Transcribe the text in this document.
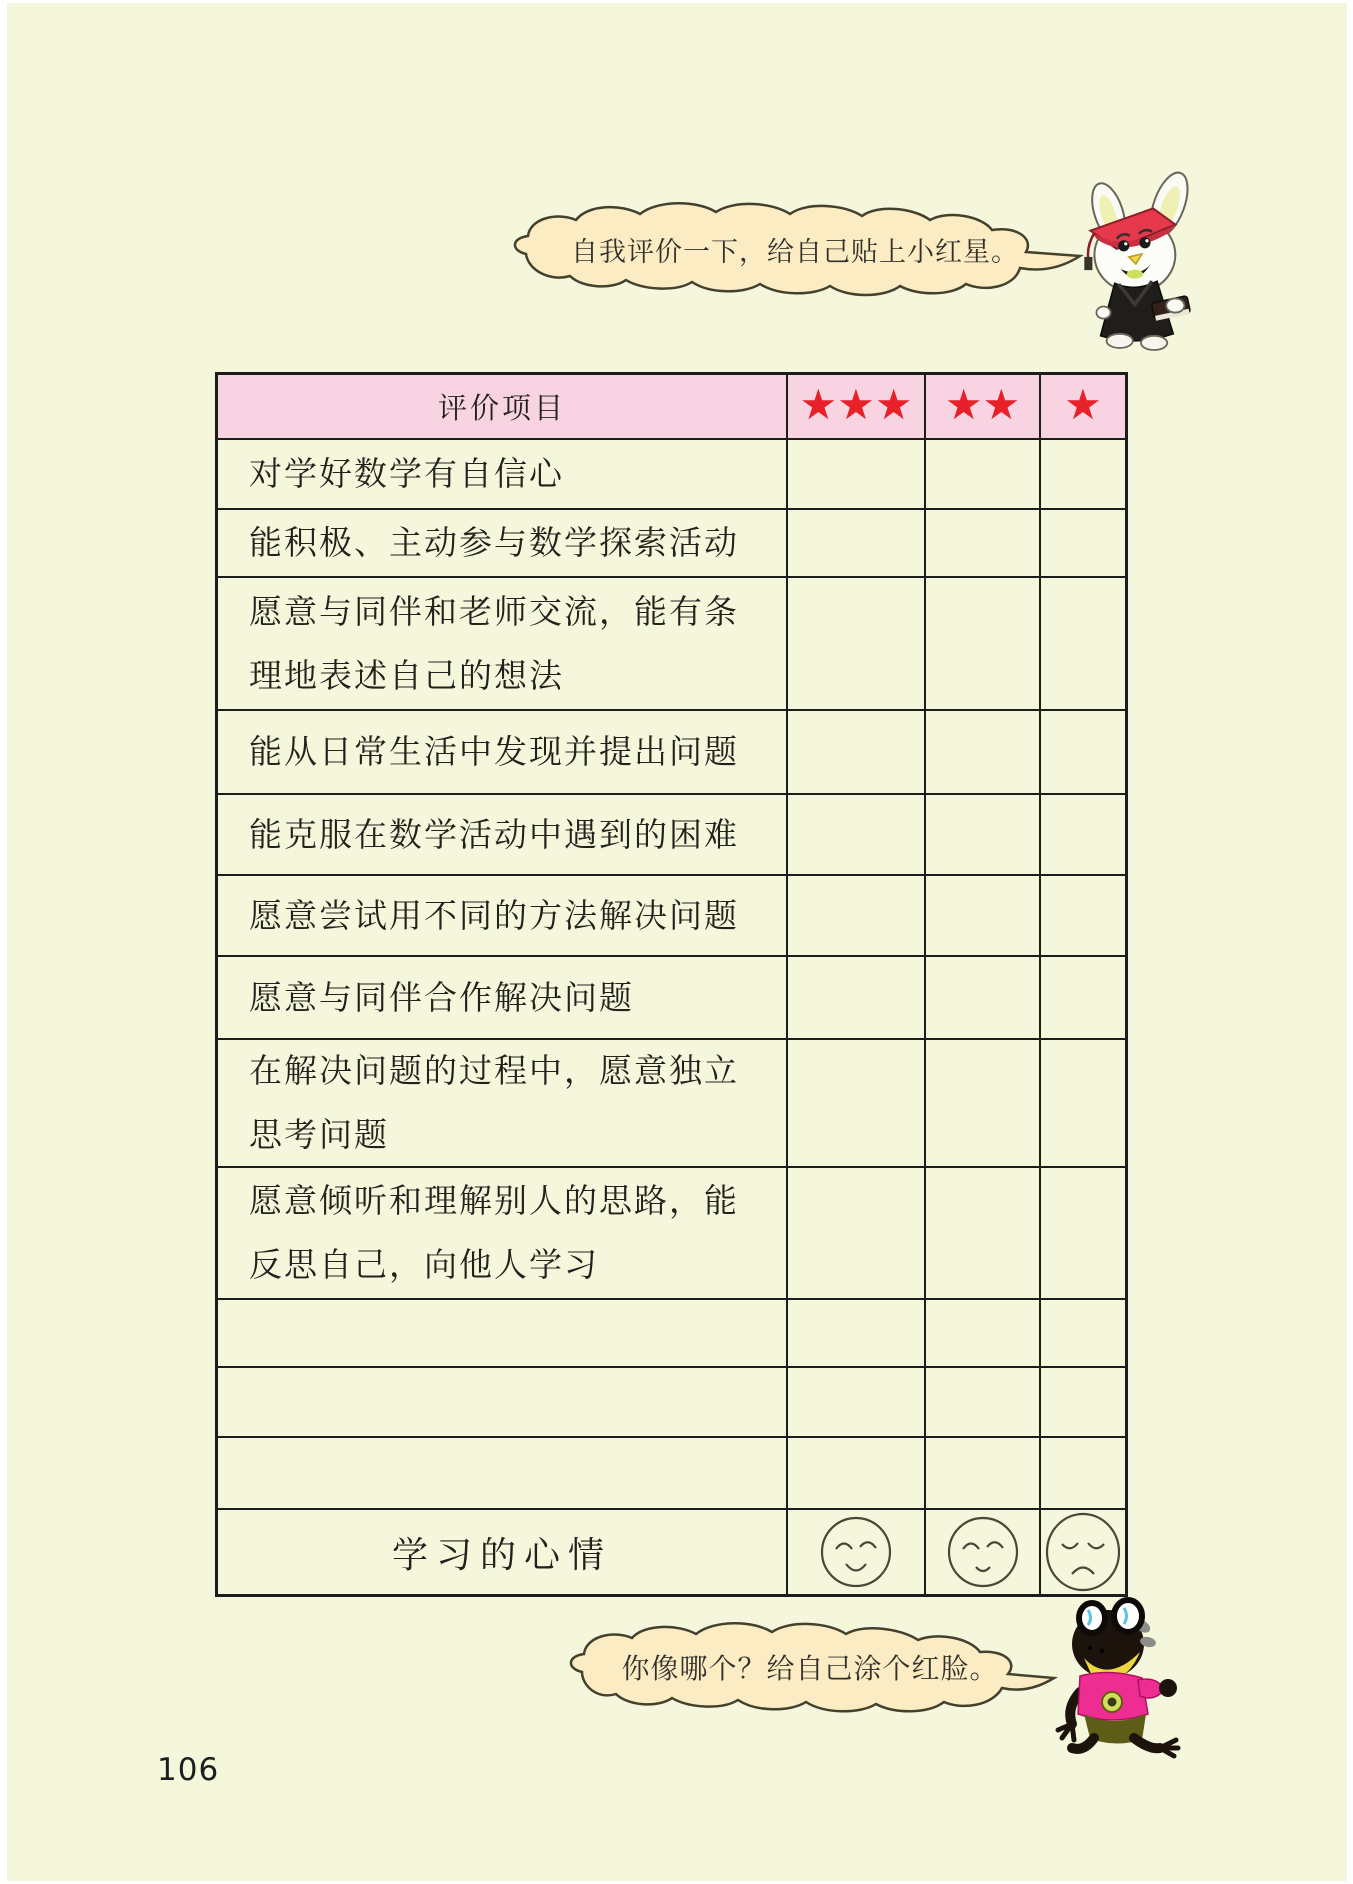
自我评价一下，给自己贴上小红星。
评价项目	★★★ ★★ ★
对学好数学有自信心
能积极、主动参与数学探索活动
愿意与同伴和老师交流，能有条理地表述自己的想法
能从日常生活中发现并提出问题
能克服在数学活动中遇到的困难
愿意尝试用不同的方法解决问题
愿意与同伴合作解决问题
在解决问题的过程中，愿意独立思考问题
愿意倾听和理解别人的思路，能反思自己，向他人学习
学习的心情
你像哪个？给自己涂个红脸。
106
